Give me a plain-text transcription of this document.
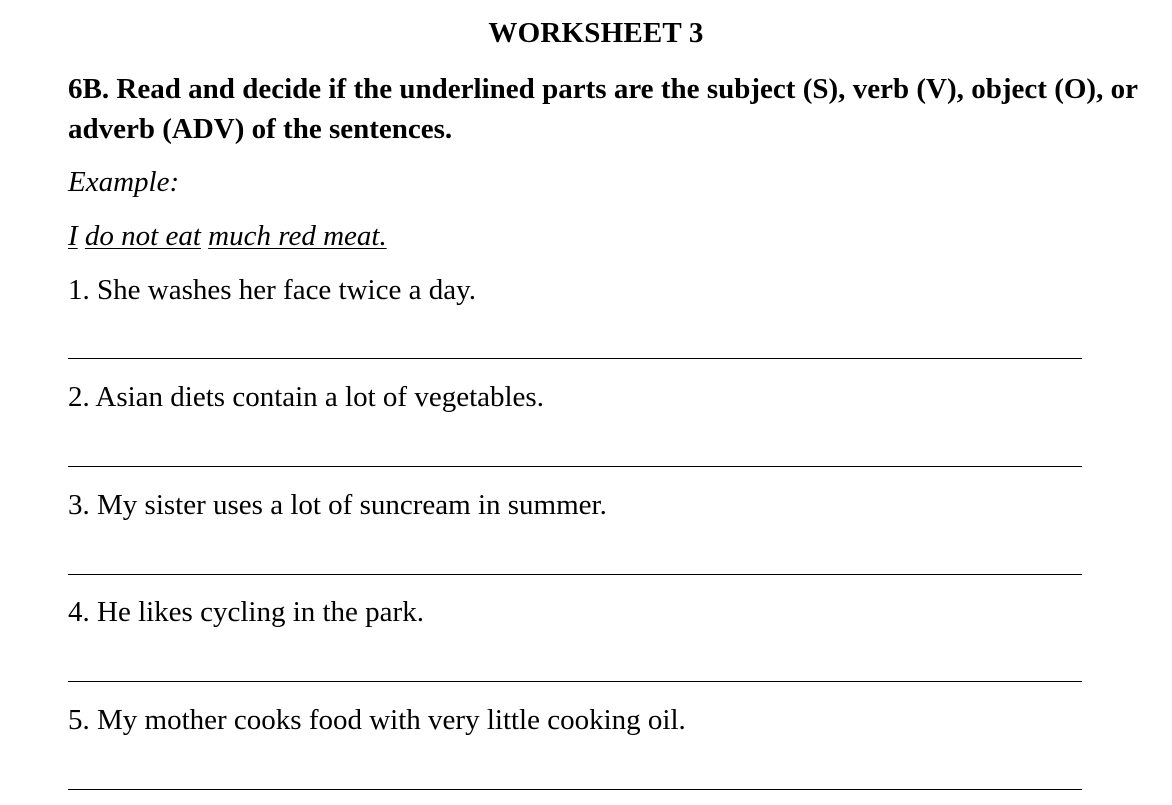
WORKSHEET 3
6B. Read and decide if the underlined parts are the subject (S), verb (V), object (O), or adverb (ADV) of the sentences.
Example:
I do not eat much red meat.
1. She washes her face twice a day.
2. Asian diets contain a lot of vegetables.
3. My sister uses a lot of suncream in summer.
4. He likes cycling in the park.
5. My mother cooks food with very little cooking oil.
